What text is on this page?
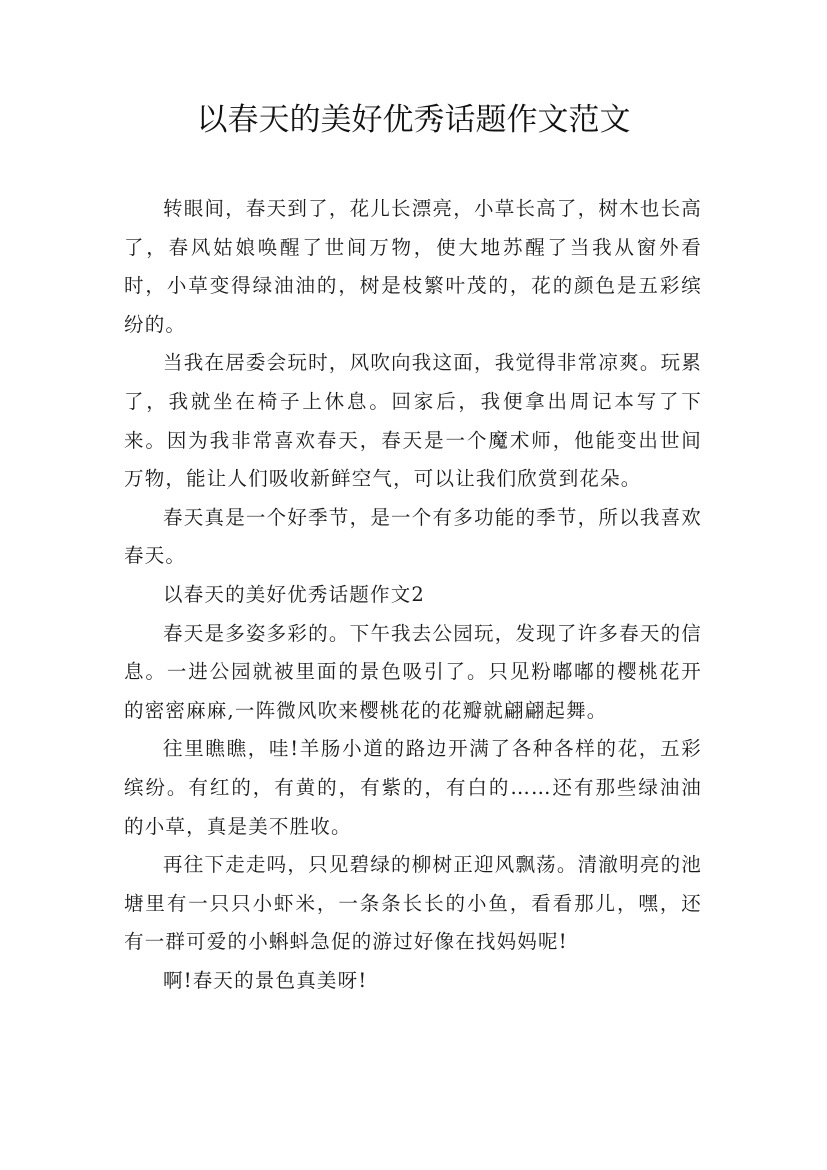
以春天的美好优秀话题作文范文

转眼间，春天到了，花儿长漂亮，小草长高了，树木也长高了，春风姑娘唤醒了世间万物，使大地苏醒了当我从窗外看时，小草变得绿油油的，树是枝繁叶茂的，花的颜色是五彩缤纷的。

当我在居委会玩时，风吹向我这面，我觉得非常凉爽。玩累了，我就坐在椅子上休息。回家后，我便拿出周记本写了下来。因为我非常喜欢春天，春天是一个魔术师，他能变出世间万物，能让人们吸收新鲜空气，可以让我们欣赏到花朵。

春天真是一个好季节，是一个有多功能的季节，所以我喜欢春天。

以春天的美好优秀话题作文2

春天是多姿多彩的。下午我去公园玩，发现了许多春天的信息。一进公园就被里面的景色吸引了。只见粉嘟嘟的樱桃花开的密密麻麻,一阵微风吹来樱桃花的花瓣就翩翩起舞。

往里瞧瞧，哇!羊肠小道的路边开满了各种各样的花，五彩缤纷。有红的，有黄的，有紫的，有白的……还有那些绿油油的小草，真是美不胜收。

再往下走走吗，只见碧绿的柳树正迎风飘荡。清澈明亮的池塘里有一只只小虾米，一条条长长的小鱼，看看那儿，嘿，还有一群可爱的小蝌蚪急促的游过好像在找妈妈呢!

啊!春天的景色真美呀!
